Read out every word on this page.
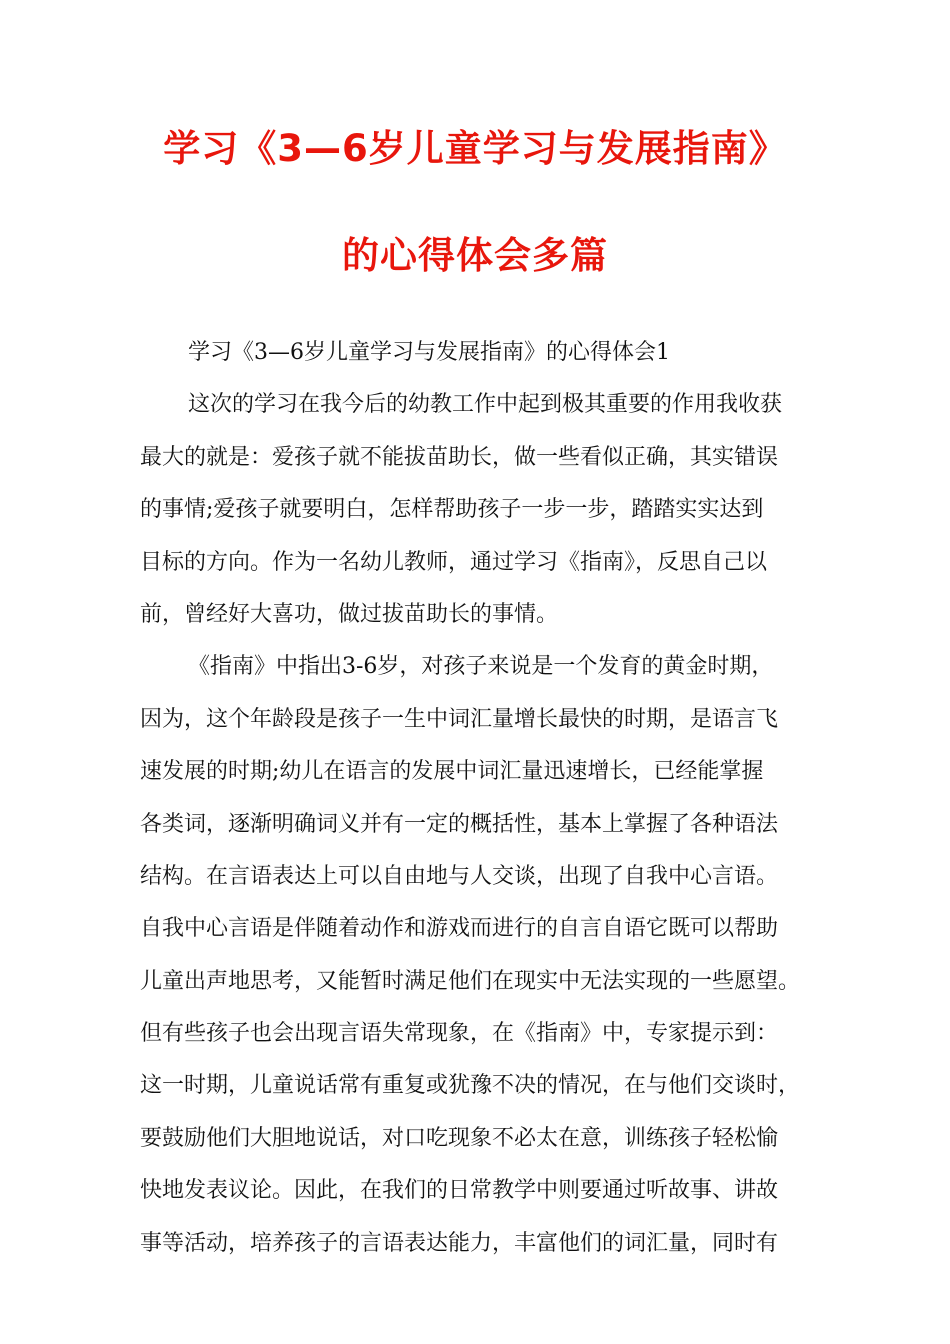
学习《3—6岁儿童学习与发展指南》
的心得体会多篇
学习《3—6岁儿童学习与发展指南》的心得体会1
这次的学习在我今后的幼教工作中起到极其重要的作用我收获
最大的就是：爱孩子就不能拔苗助长，做一些看似正确，其实错误
的事情;爱孩子就要明白，怎样帮助孩子一步一步，踏踏实实达到
目标的方向。作为一名幼儿教师，通过学习《指南》，反思自己以
前，曾经好大喜功，做过拔苗助长的事情。
《指南》中指出3-6岁，对孩子来说是一个发育的黄金时期，
因为，这个年龄段是孩子一生中词汇量增长最快的时期，是语言飞
速发展的时期;幼儿在语言的发展中词汇量迅速增长，已经能掌握
各类词，逐渐明确词义并有一定的概括性，基本上掌握了各种语法
结构。在言语表达上可以自由地与人交谈，出现了自我中心言语。
自我中心言语是伴随着动作和游戏而进行的自言自语它既可以帮助
儿童出声地思考，又能暂时满足他们在现实中无法实现的一些愿望。
但有些孩子也会出现言语失常现象，在《指南》中，专家提示到：
这一时期，儿童说话常有重复或犹豫不决的情况，在与他们交谈时，
要鼓励他们大胆地说话，对口吃现象不必太在意，训练孩子轻松愉
快地发表议论。因此，在我们的日常教学中则要通过听故事、讲故
事等活动，培养孩子的言语表达能力，丰富他们的词汇量，同时有
